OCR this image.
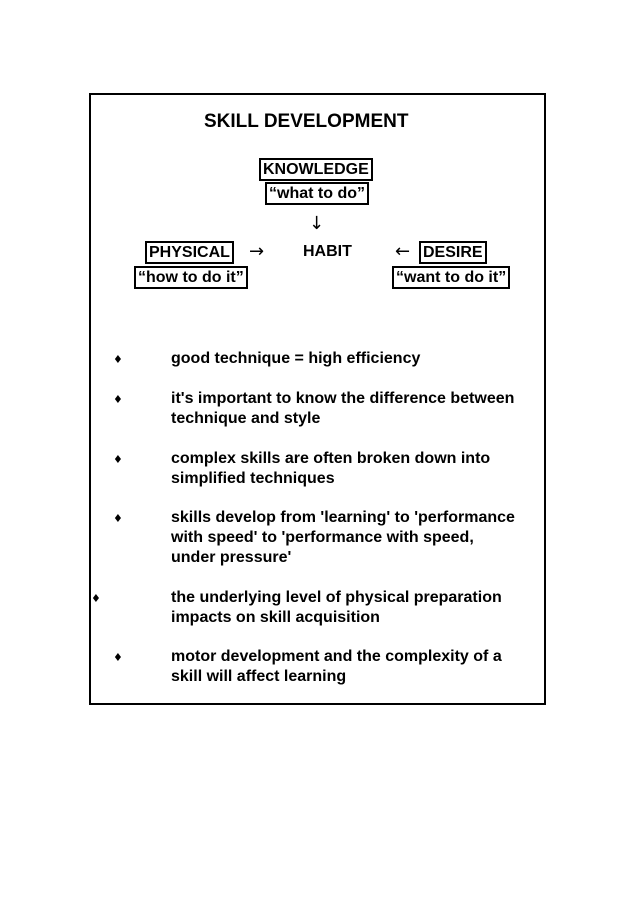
SKILL DEVELOPMENT
KNOWLEDGE
“what to do”
↓
PHYSICAL → HABIT ← DESIRE
“how to do it”	“want to do it”
♦	good technique = high efficiency
♦	it's important to know the difference between
technique and style
♦	complex skills are often broken down into
simplified techniques
♦	skills develop from 'learning' to 'performance
with speed' to 'performance with speed,
under pressure'
♦	the underlying level of physical preparation
impacts on skill acquisition
♦	motor development and the complexity of a
skill will affect learning
